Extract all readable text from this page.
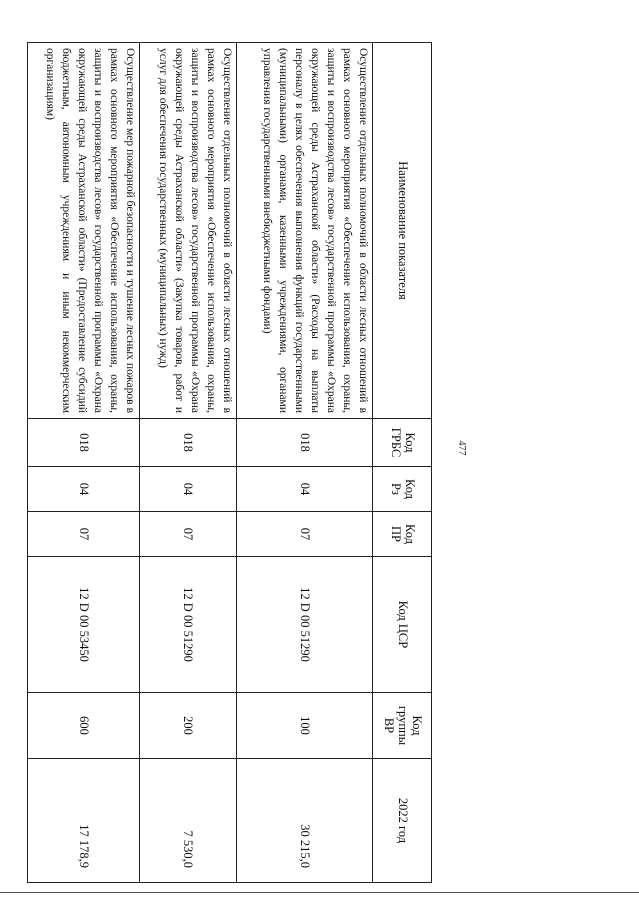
477
Наименование показателя	Код ГРБС	Код Рз	Код ПР	Код ЦСР	Код группы ВР	2022 год
Осуществление отдельных полномочий в области лесных отношений в рамках основного мероприятия «Обеспечение использования, охраны, защиты и воспроизводства лесов» государственной программы «Охрана окружающей среды Астраханской области» (Расходы на выплаты персоналу в целях обеспечения выполнения функций государственными (муниципальными) органами, казенными учреждениями, органами управления государственными внебюджетными фондами)	018	04	07	12 D 00 51290	100	30 215,0
Осуществление отдельных полномочий в области лесных отношений в рамках основного мероприятия «Обеспечение использования, охраны, защиты и воспроизводства лесов» государственной программы «Охрана окружающей среды Астраханской области» (Закупка товаров, работ и услуг для обеспечения государственных (муниципальных) нужд)	018	04	07	12 D 00 51290	200	7 530,0
Осуществление мер пожарной безопасности и тушение лесных пожаров в рамках основного мероприятия «Обеспечение использования, охраны, защиты и воспроизводства лесов» государственной программы «Охрана окружающей среды Астраханской области» (Предоставление субсидий бюджетным, автономным учреждениям и иным некоммерческим организациям)	018	04	07	12 D 00 53450	600	17 178,9
